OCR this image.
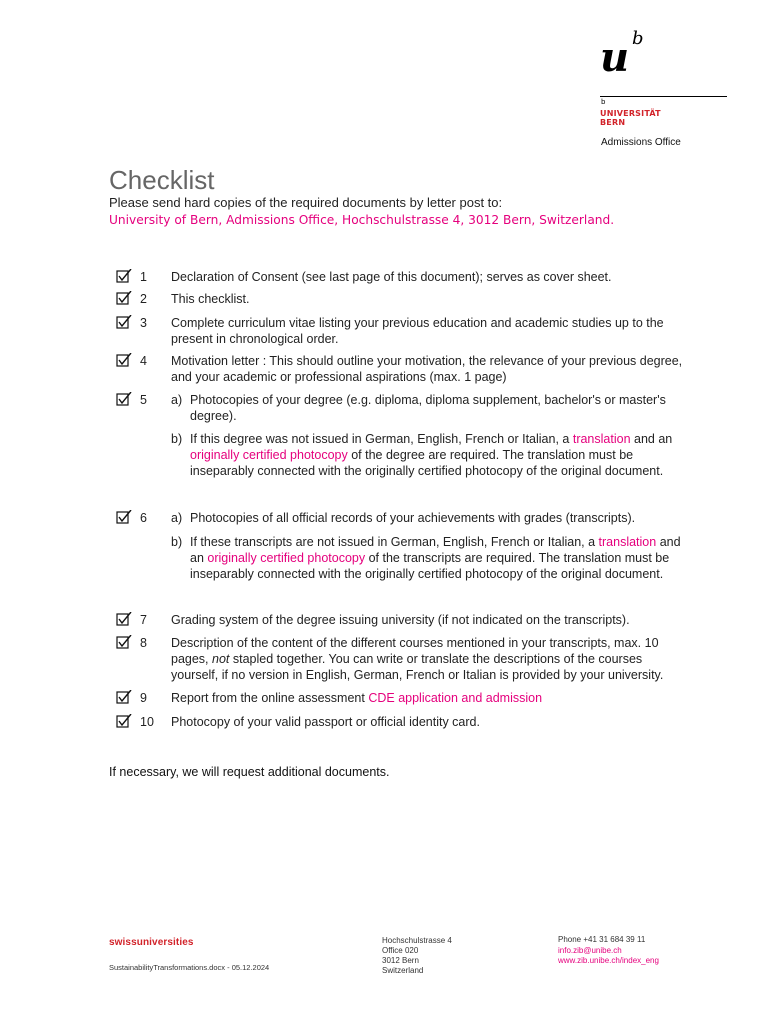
u b
b
UNIVERSITÄT
BERN
Admissions Office
Checklist
Please send hard copies of the required documents by letter post to:
University of Bern, Admissions Office, Hochschulstrasse 4, 3012 Bern, Switzerland.
1	Declaration of Consent (see last page of this document); serves as cover sheet.
2	This checklist.
3	Complete curriculum vitae listing your previous education and academic studies up to the present in chronological order.
4	Motivation letter : This should outline your motivation, the relevance of your previous degree, and your academic or professional aspirations (max. 1 page)
5	a) Photocopies of your degree (e.g. diploma, diploma supplement, bachelor's or master's degree).
b) If this degree was not issued in German, English, French or Italian, a translation and an originally certified photocopy of the degree are required. The translation must be inseparably connected with the originally certified photocopy of the original document.
6	a) Photocopies of all official records of your achievements with grades (transcripts).
b) If these transcripts are not issued in German, English, French or Italian, a translation and an originally certified photocopy of the transcripts are required. The translation must be inseparably connected with the originally certified photocopy of the original document.
7	Grading system of the degree issuing university (if not indicated on the transcripts).
8	Description of the content of the different courses mentioned in your transcripts, max. 10 pages, not stapled together. You can write or translate the descriptions of the courses yourself, if no version in English, German, French or Italian is provided by your university.
9	Report from the online assessment CDE application and admission
10	Photocopy of your valid passport or official identity card.
If necessary, we will request additional documents.
swissuniversities
SustainabilityTransformations.docx - 05.12.2024
Hochschulstrasse 4
Office 020
3012 Bern
Switzerland
Phone +41 31 684 39 11
info.zib@unibe.ch
www.zib.unibe.ch/index_eng
